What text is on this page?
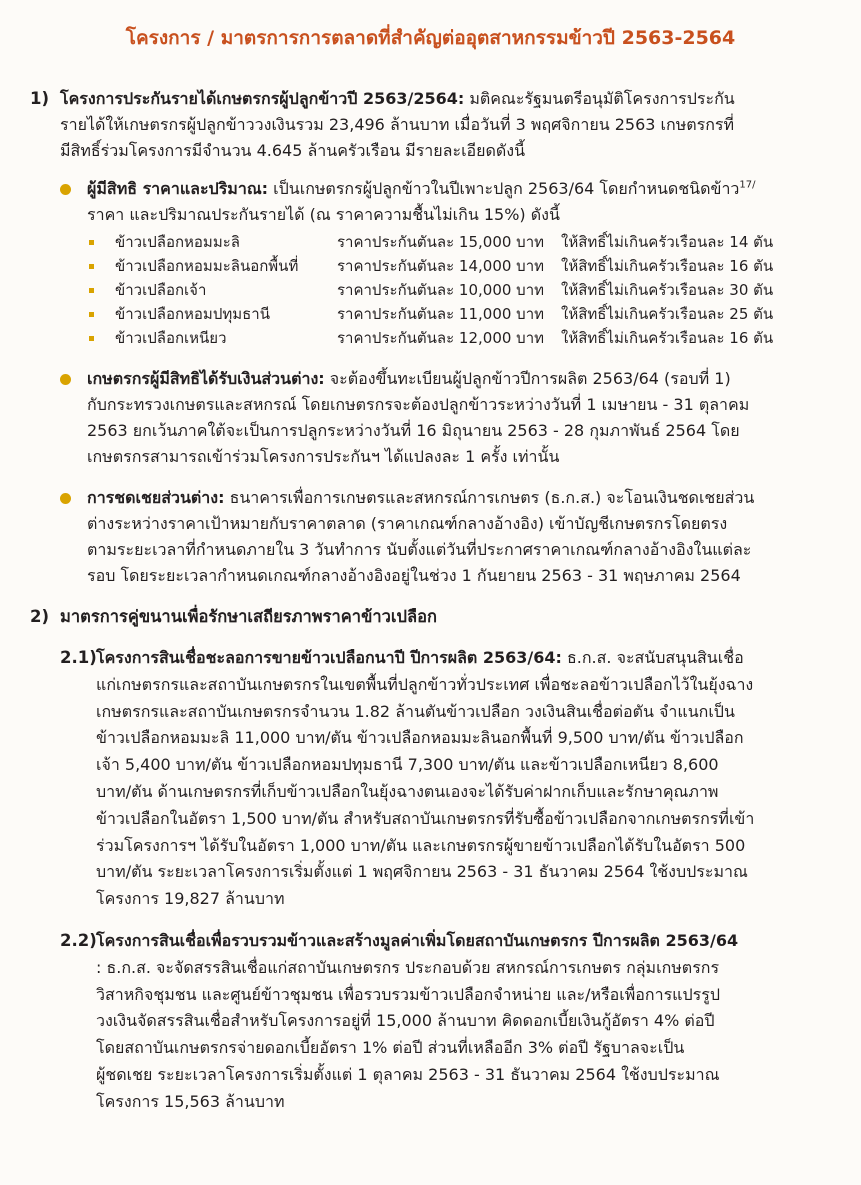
โครงการ / มาตรการการตลาดที่สำคัญต่ออุตสาหกรรมข้าวปี 2563-2564
1) โครงการประกันรายได้เกษตรกรผู้ปลูกข้าวปี 2563/2564: มติคณะรัฐมนตรีอนุมัติโครงการประกัน
รายได้ให้เกษตรกรผู้ปลูกข้าววงเงินรวม 23,496 ล้านบาท เมื่อวันที่ 3 พฤศจิกายน 2563 เกษตรกรที่
มีสิทธิ์ร่วมโครงการมีจำนวน 4.645 ล้านครัวเรือน มีรายละเอียดดังนี้
ผู้มีสิทธิ ราคาและปริมาณ: เป็นเกษตรกรผู้ปลูกข้าวในปีเพาะปลูก 2563/64 โดยกำหนดชนิดข้าว$^{17/}$
ราคา และปริมาณประกันรายได้ (ณ ราคาความชื้นไม่เกิน 15%) ดังนี้
ข้าวเปลือกหอมมะลิ	ราคาประกันตันละ 15,000 บาท ให้สิทธิ์ไม่เกินครัวเรือนละ 14 ตัน
ข้าวเปลือกหอมมะลินอกพื้นที่	ราคาประกันตันละ 14,000 บาท ให้สิทธิ์ไม่เกินครัวเรือนละ 16 ตัน
ข้าวเปลือกเจ้า	ราคาประกันตันละ 10,000 บาท ให้สิทธิ์ไม่เกินครัวเรือนละ 30 ตัน
ข้าวเปลือกหอมปทุมธานี	ราคาประกันตันละ 11,000 บาท ให้สิทธิ์ไม่เกินครัวเรือนละ 25 ตัน
ข้าวเปลือกเหนียว	ราคาประกันตันละ 12,000 บาท ให้สิทธิ์ไม่เกินครัวเรือนละ 16 ตัน
เกษตรกรผู้มีสิทธิได้รับเงินส่วนต่าง: จะต้องขึ้นทะเบียนผู้ปลูกข้าวปีการผลิต 2563/64 (รอบที่ 1)
กับกระทรวงเกษตรและสหกรณ์ โดยเกษตรกรจะต้องปลูกข้าวระหว่างวันที่ 1 เมษายน - 31 ตุลาคม
2563 ยกเว้นภาคใต้จะเป็นการปลูกระหว่างวันที่ 16 มิถุนายน 2563 - 28 กุมภาพันธ์ 2564 โดย
เกษตรกรสามารถเข้าร่วมโครงการประกันฯ ได้แปลงละ 1 ครั้ง เท่านั้น
การชดเชยส่วนต่าง: ธนาคารเพื่อการเกษตรและสหกรณ์การเกษตร (ธ.ก.ส.) จะโอนเงินชดเชยส่วน
ต่างระหว่างราคาเป้าหมายกับราคาตลาด (ราคาเกณฑ์กลางอ้างอิง) เข้าบัญชีเกษตรกรโดยตรง
ตามระยะเวลาที่กำหนดภายใน 3 วันทำการ นับตั้งแต่วันที่ประกาศราคาเกณฑ์กลางอ้างอิงในแต่ละ
รอบ โดยระยะเวลากำหนดเกณฑ์กลางอ้างอิงอยู่ในช่วง 1 กันยายน 2563 - 31 พฤษภาคม 2564
2) มาตรการคู่ขนานเพื่อรักษาเสถียรภาพราคาข้าวเปลือก
2.1) โครงการสินเชื่อชะลอการขายข้าวเปลือกนาปี ปีการผลิต 2563/64: ธ.ก.ส. จะสนับสนุนสินเชื่อ
แก่เกษตรกรและสถาบันเกษตรกรในเขตพื้นที่ปลูกข้าวทั่วประเทศ เพื่อชะลอข้าวเปลือกไว้ในยุ้งฉาง
เกษตรกรและสถาบันเกษตรกรจำนวน 1.82 ล้านตันข้าวเปลือก วงเงินสินเชื่อต่อตัน จำแนกเป็น
ข้าวเปลือกหอมมะลิ 11,000 บาท/ตัน ข้าวเปลือกหอมมะลินอกพื้นที่ 9,500 บาท/ตัน ข้าวเปลือก
เจ้า 5,400 บาท/ตัน ข้าวเปลือกหอมปทุมธานี 7,300 บาท/ตัน และข้าวเปลือกเหนียว 8,600
บาท/ตัน ด้านเกษตรกรที่เก็บข้าวเปลือกในยุ้งฉางตนเองจะได้รับค่าฝากเก็บและรักษาคุณภาพ
ข้าวเปลือกในอัตรา 1,500 บาท/ตัน สำหรับสถาบันเกษตรกรที่รับซื้อข้าวเปลือกจากเกษตรกรที่เข้า
ร่วมโครงการฯ ได้รับในอัตรา 1,000 บาท/ตัน และเกษตรกรผู้ขายข้าวเปลือกได้รับในอัตรา 500
บาท/ตัน ระยะเวลาโครงการเริ่มตั้งแต่ 1 พฤศจิกายน 2563 - 31 ธันวาคม 2564 ใช้งบประมาณ
โครงการ 19,827 ล้านบาท
2.2) โครงการสินเชื่อเพื่อรวบรวมข้าวและสร้างมูลค่าเพิ่มโดยสถาบันเกษตรกร ปีการผลิต 2563/64
: ธ.ก.ส. จะจัดสรรสินเชื่อแก่สถาบันเกษตรกร ประกอบด้วย สหกรณ์การเกษตร กลุ่มเกษตรกร
วิสาหกิจชุมชน และศูนย์ข้าวชุมชน เพื่อรวบรวมข้าวเปลือกจำหน่าย และ/หรือเพื่อการแปรรูป
วงเงินจัดสรรสินเชื่อสำหรับโครงการอยู่ที่ 15,000 ล้านบาท คิดดอกเบี้ยเงินกู้อัตรา 4% ต่อปี
โดยสถาบันเกษตรกรจ่ายดอกเบี้ยอัตรา 1% ต่อปี ส่วนที่เหลืออีก 3% ต่อปี รัฐบาลจะเป็น
ผู้ชดเชย ระยะเวลาโครงการเริ่มตั้งแต่ 1 ตุลาคม 2563 - 31 ธันวาคม 2564 ใช้งบประมาณ
โครงการ 15,563 ล้านบาท
